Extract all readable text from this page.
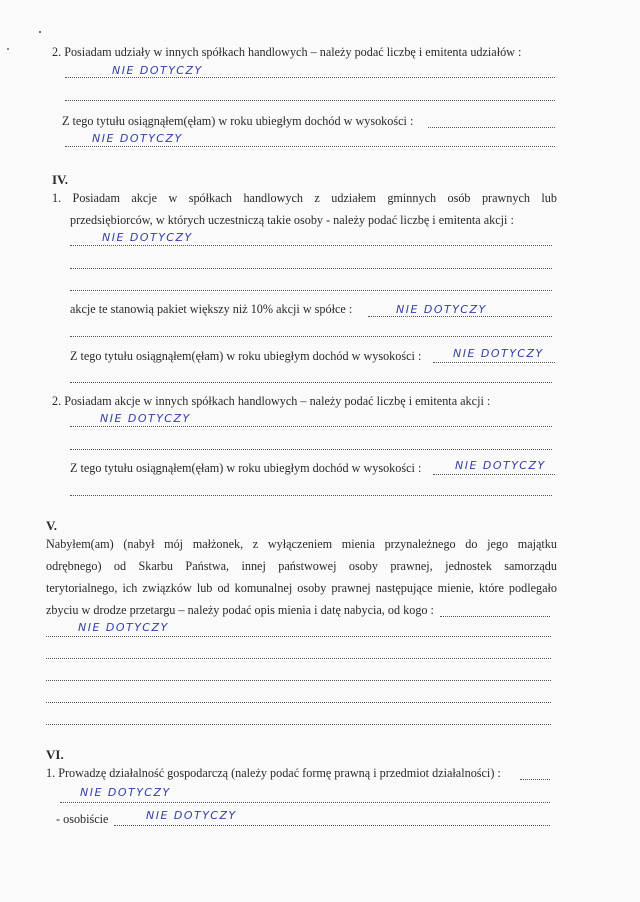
2. Posiadam udziały w innych spółkach handlowych – należy podać liczbę i emitenta udziałów :
NIE DOTYCZY
Z tego tytułu osiągnąłem(ęłam) w roku ubiegłym dochód w wysokości :
NIE DOTYCZY
IV.
1. Posiadam akcje w spółkach handlowych z udziałem gminnych osób prawnych lub
przedsiębiorców, w których uczestniczą takie osoby - należy podać liczbę i emitenta akcji :
NIE DOTYCZY
akcje te stanowią pakiet większy niż 10% akcji w spółce :	NIE DOTYCZY
Z tego tytułu osiągnąłem(ęłam) w roku ubiegłym dochód w wysokości :	NIE DOTYCZY
2. Posiadam akcje w innych spółkach handlowych – należy podać liczbę i emitenta akcji :
NIE DOTYCZY
Z tego tytułu osiągnąłem(ęłam) w roku ubiegłym dochód w wysokości :	NIE DOTYCZY
V.
Nabyłem(am) (nabył mój małżonek, z wyłączeniem mienia przynależnego do jego majątku
odrębnego) od Skarbu Państwa, innej państwowej osoby prawnej, jednostek samorządu
terytorialnego, ich związków lub od komunalnej osoby prawnej następujące mienie, które podlegało
zbyciu w drodze przetargu – należy podać opis mienia i datę nabycia, od kogo :
NIE DOTYCZY
VI.
1. Prowadzę działalność gospodarczą (należy podać formę prawną i przedmiot działalności) :
NIE DOTYCZY
- osobiście	NIE DOTYCZY
